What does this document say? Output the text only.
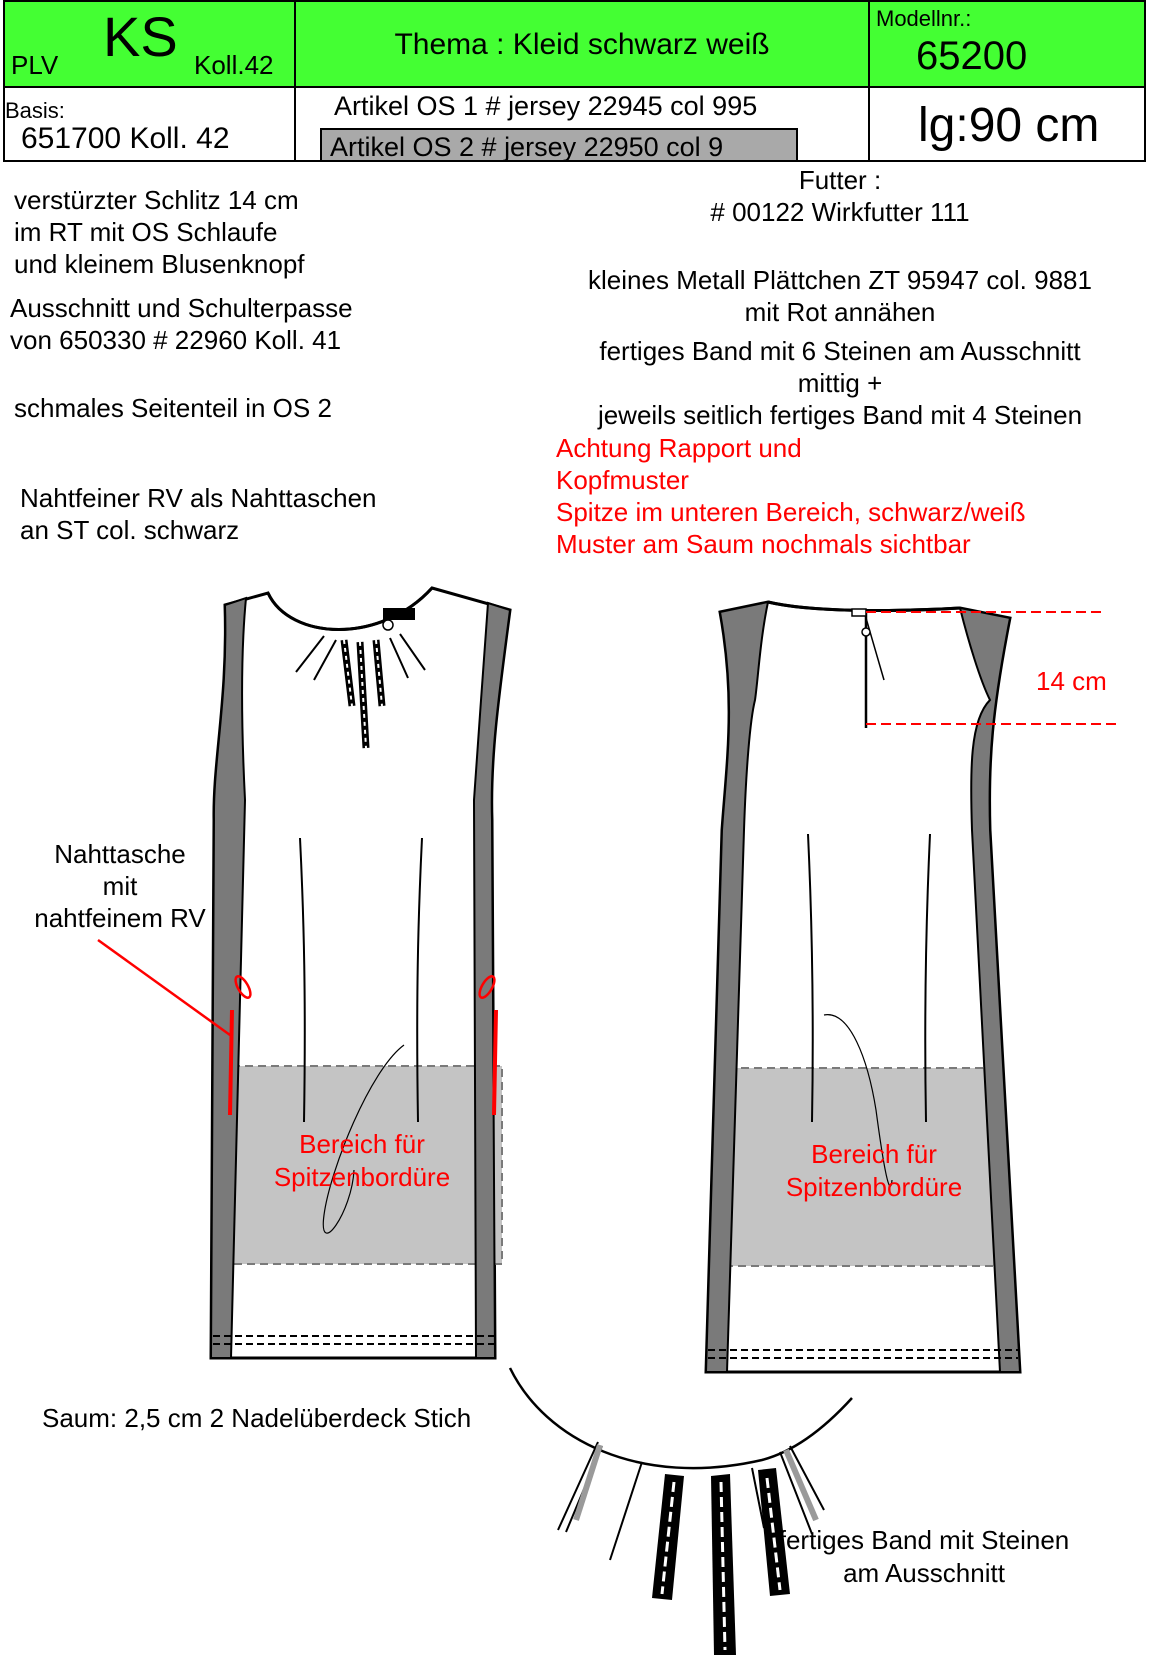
PLV KS Koll.42
Thema : Kleid schwarz weiß
Modellnr.:
65200
Basis:
651700 Koll. 42
Artikel OS 1 # jersey 22945 col 995
Artikel OS 2 # jersey 22950 col 9	lg:90 cm
verstürzter Schlitz 14 cm
im RT mit OS Schlaufe
und kleinem Blusenknopf
Ausschnitt und Schulterpasse
von 650330 # 22960 Koll. 41
schmales Seitenteil in OS 2
Nahtfeiner RV als Nahttaschen
an ST col. schwarz
Futter :
# 00122 Wirkfutter 111
kleines Metall Plättchen ZT 95947 col. 9881
mit Rot annähen
fertiges Band mit 6 Steinen am Ausschnitt
mittig +
jeweils seitlich fertiges Band mit 4 Steinen
Achtung Rapport und
Kopfmuster
Spitze im unteren Bereich, schwarz/weiß
Muster am Saum nochmals sichtbar
Bereich für
Spitzenbordüre
Bereich für
Spitzenbordüre
14 cm
Saum: 2,5 cm 2 Nadelüberdeck Stich
fertiges Band mit Steinen
am Ausschnitt
Nahttasche
mit
nahtfeinem RV
